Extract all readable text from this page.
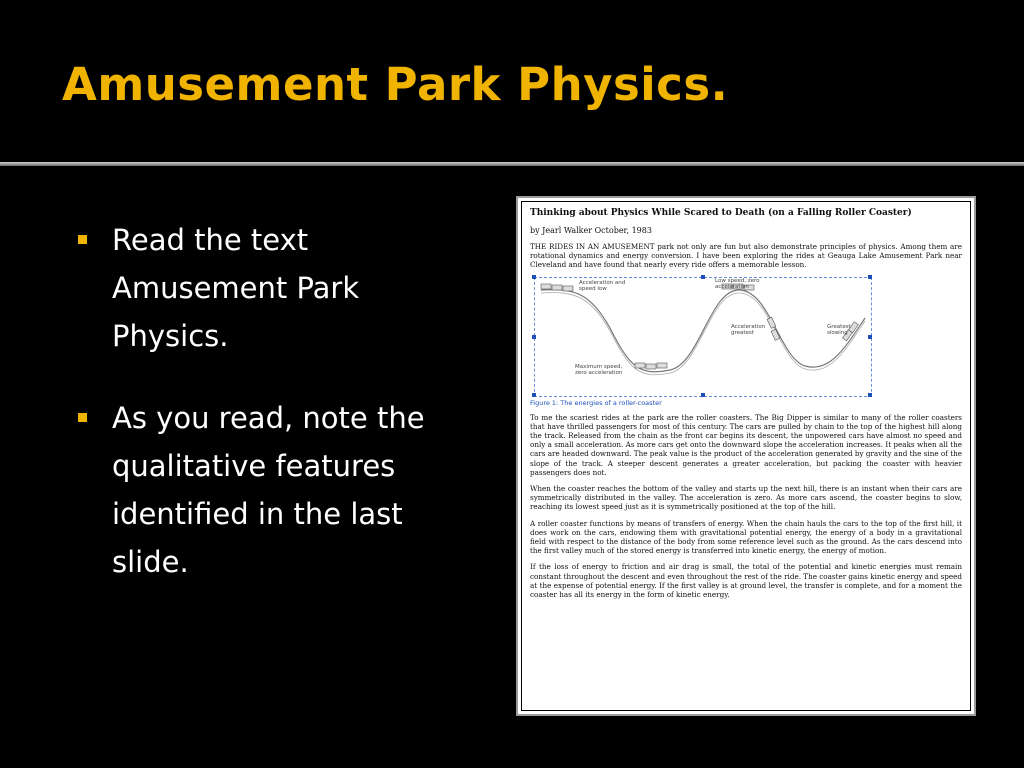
Amusement Park Physics.
Read the text Amusement Park Physics.
As you read, note the qualitative features identified in the last slide.

Thinking about Physics While Scared to Death (on a Falling Roller Coaster)

by Jearl Walker October, 1983

THE RIDES IN AN AMUSEMENT park not only are fun but also demonstrate principles of physics. Among them are rotational dynamics and energy conversion. I have been exploring the rides at Geauga Lake Amusement Park near Cleveland and have found that nearly every ride offers a memorable lesson.

Acceleration and speed low
Low speed, zero acceleration
Acceleration greatest
Greatest slowing
Maximum speed, zero acceleration

Figure 1: The energies of a roller-coaster

To me the scariest rides at the park are the roller coasters. The Big Dipper is similar to many of the roller coasters that have thrilled passengers for most of this century. The cars are pulled by chain to the top of the highest hill along the track. Released from the chain as the front car begins its descent, the unpowered cars have almost no speed and only a small acceleration. As more cars get onto the downward slope the acceleration increases. It peaks when all the cars are headed downward. The peak value is the product of the acceleration generated by gravity and the sine of the slope of the track. A steeper descent generates a greater acceleration, but packing the coaster with heavier passengers does not.

When the coaster reaches the bottom of the valley and starts up the next hill, there is an instant when their cars are symmetrically distributed in the valley. The acceleration is zero. As more cars ascend, the coaster begins to slow, reaching its lowest speed just as it is symmetrically positioned at the top of the hill.

A roller coaster functions by means of transfers of energy. When the chain hauls the cars to the top of the first hill, it does work on the cars, endowing them with gravitational potential energy, the energy of a body in a gravitational field with respect to the distance of the body from some reference level such as the ground. As the cars descend into the first valley much of the stored energy is transferred into kinetic energy, the energy of motion.

If the loss of energy to friction and air drag is small, the total of the potential and kinetic energies must remain constant throughout the descent and even throughout the rest of the ride. The coaster gains kinetic energy and speed at the expense of potential energy. If the first valley is at ground level, the transfer is complete, and for a moment the coaster has all its energy in the form of kinetic energy.
